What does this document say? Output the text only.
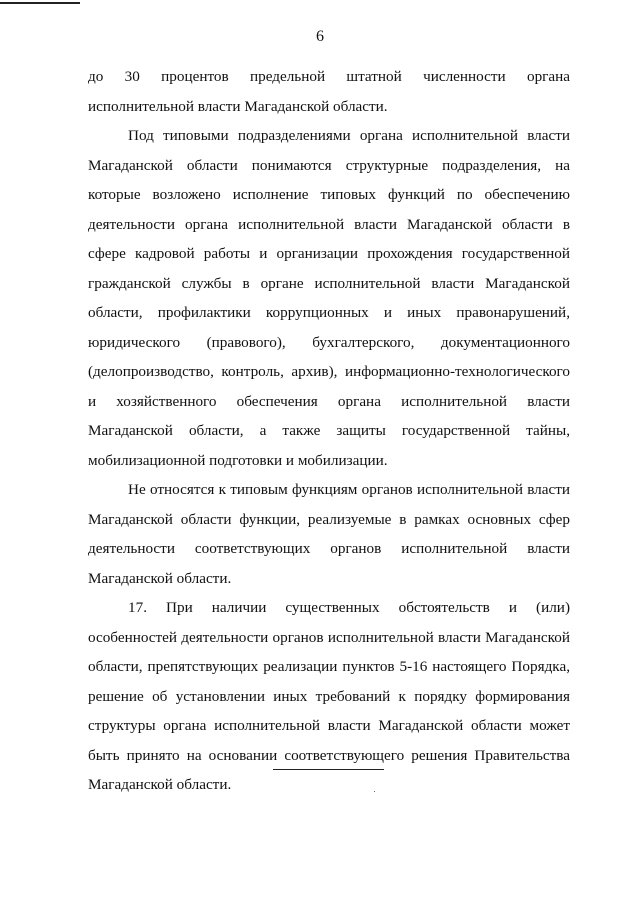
6

до 30 процентов предельной штатной численности органа исполнительной власти Магаданской области.

Под типовыми подразделениями органа исполнительной власти Магаданской области понимаются структурные подразделения, на которые возложено исполнение типовых функций по обеспечению деятельности органа исполнительной власти Магаданской области в сфере кадровой работы и организации прохождения государственной гражданской службы в органе исполнительной власти Магаданской области, профилактики коррупционных и иных правонарушений, юридического (правового), бухгалтерского, документационного (делопроизводство, контроль, архив), информационно-технологического и хозяйственного обеспечения органа исполнительной власти Магаданской области, а также защиты государственной тайны, мобилизационной подготовки и мобилизации.

Не относятся к типовым функциям органов исполнительной власти Магаданской области функции, реализуемые в рамках основных сфер деятельности соответствующих органов исполнительной власти Магаданской области.

17. При наличии существенных обстоятельств и (или) особенностей деятельности органов исполнительной власти Магаданской области, препятствующих реализации пунктов 5-16 настоящего Порядка, решение об установлении иных требований к порядку формирования структуры органа исполнительной власти Магаданской области может быть принято на основании соответствующего решения Правительства Магаданской области.
